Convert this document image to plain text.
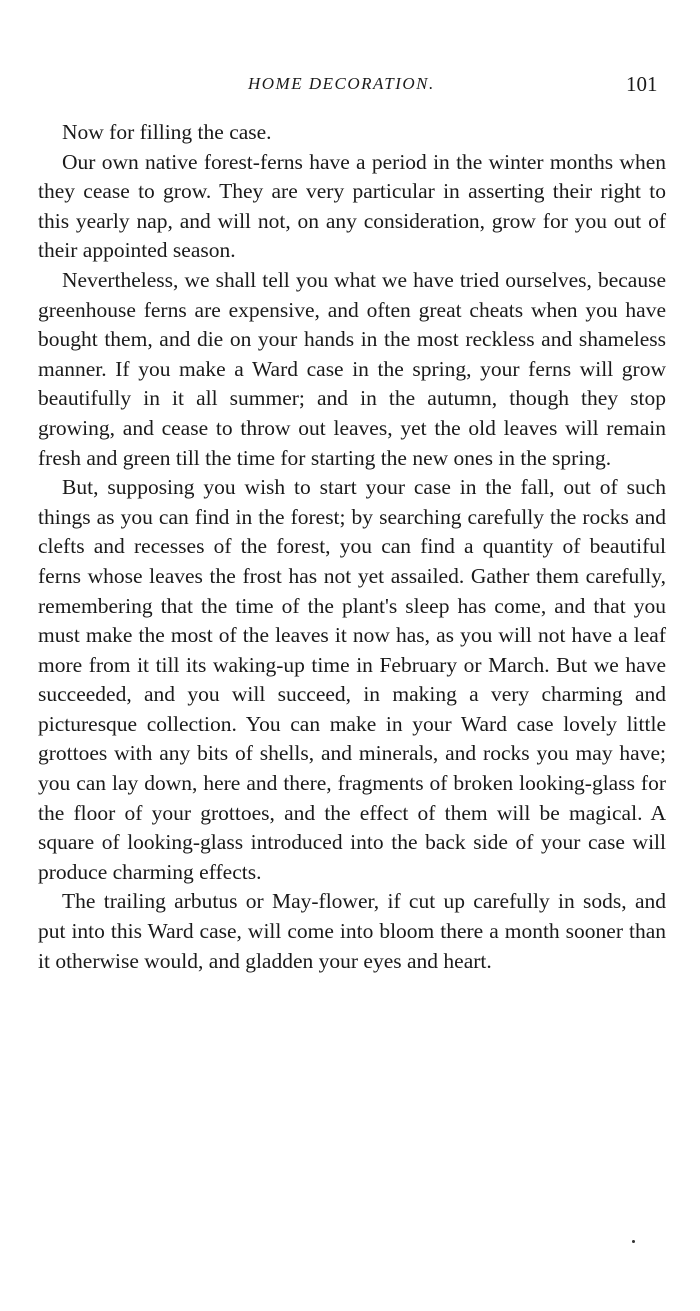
HOME DECORATION.	101

Now for filling the case.

Our own native forest-ferns have a period in the winter months when they cease to grow. They are very particular in asserting their right to this yearly nap, and will not, on any consideration, grow for you out of their appointed season.

Nevertheless, we shall tell you what we have tried ourselves, because greenhouse ferns are expensive, and often great cheats when you have bought them, and die on your hands in the most reckless and shameless manner. If you make a Ward case in the spring, your ferns will grow beautifully in it all summer; and in the autumn, though they stop growing, and cease to throw out leaves, yet the old leaves will remain fresh and green till the time for starting the new ones in the spring.

But, supposing you wish to start your case in the fall, out of such things as you can find in the forest; by searching carefully the rocks and clefts and recesses of the forest, you can find a quantity of beautiful ferns whose leaves the frost has not yet assailed. Gather them carefully, remembering that the time of the plant's sleep has come, and that you must make the most of the leaves it now has, as you will not have a leaf more from it till its waking-up time in February or March. But we have succeeded, and you will succeed, in making a very charming and picturesque collection. You can make in your Ward case lovely little grottoes with any bits of shells, and minerals, and rocks you may have; you can lay down, here and there, fragments of broken looking-glass for the floor of your grottoes, and the effect of them will be magical. A square of looking-glass introduced into the back side of your case will produce charming effects.

The trailing arbutus or May-flower, if cut up carefully in sods, and put into this Ward case, will come into bloom there a month sooner than it otherwise would, and gladden your eyes and heart.
